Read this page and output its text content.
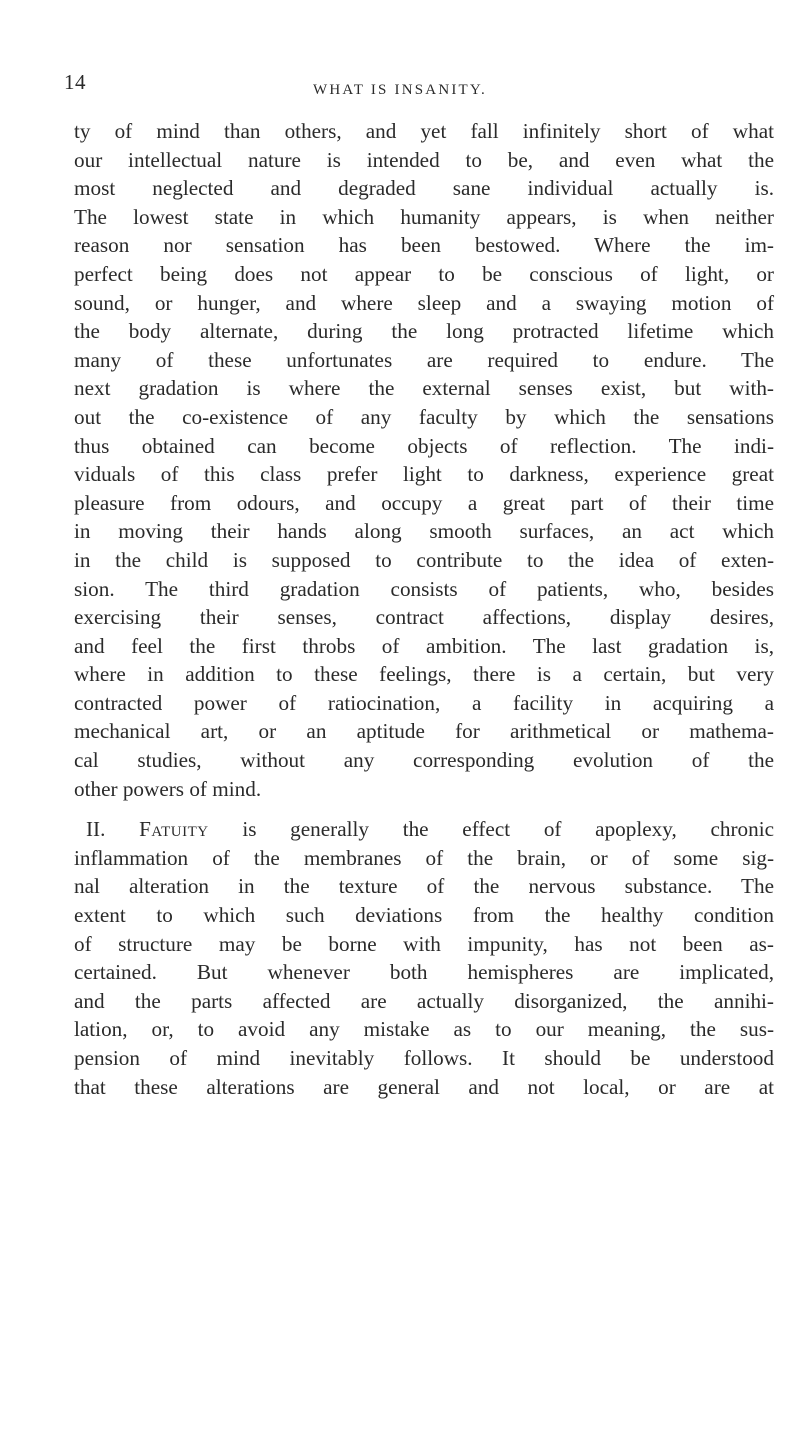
14	WHAT IS INSANITY.
ty of mind than others, and yet fall infinitely short of what
our intellectual nature is intended to be, and even what the
most neglected and degraded sane individual actually is.
The lowest state in which humanity appears, is when neither
reason nor sensation has been bestowed. Where the im-
perfect being does not appear to be conscious of light, or
sound, or hunger, and where sleep and a swaying motion of
the body alternate, during the long protracted lifetime which
many of these unfortunates are required to endure. The
next gradation is where the external senses exist, but with-
out the co-existence of any faculty by which the sensations
thus obtained can become objects of reflection. The indi-
viduals of this class prefer light to darkness, experience great
pleasure from odours, and occupy a great part of their time
in moving their hands along smooth surfaces, an act which
in the child is supposed to contribute to the idea of exten-
sion. The third gradation consists of patients, who, besides
exercising their senses, contract affections, display desires,
and feel the first throbs of ambition. The last gradation is,
where in addition to these feelings, there is a certain, but very
contracted power of ratiocination, a facility in acquiring a
mechanical art, or an aptitude for arithmetical or mathema-
cal studies, without any corresponding evolution of the
other powers of mind.
II. Fatuity is generally the effect of apoplexy, chronic
inflammation of the membranes of the brain, or of some sig-
nal alteration in the texture of the nervous substance. The
extent to which such deviations from the healthy condition
of structure may be borne with impunity, has not been as-
certained. But whenever both hemispheres are implicated,
and the parts affected are actually disorganized, the annihi-
lation, or, to avoid any mistake as to our meaning, the sus-
pension of mind inevitably follows. It should be understood
that these alterations are general and not local, or are at
